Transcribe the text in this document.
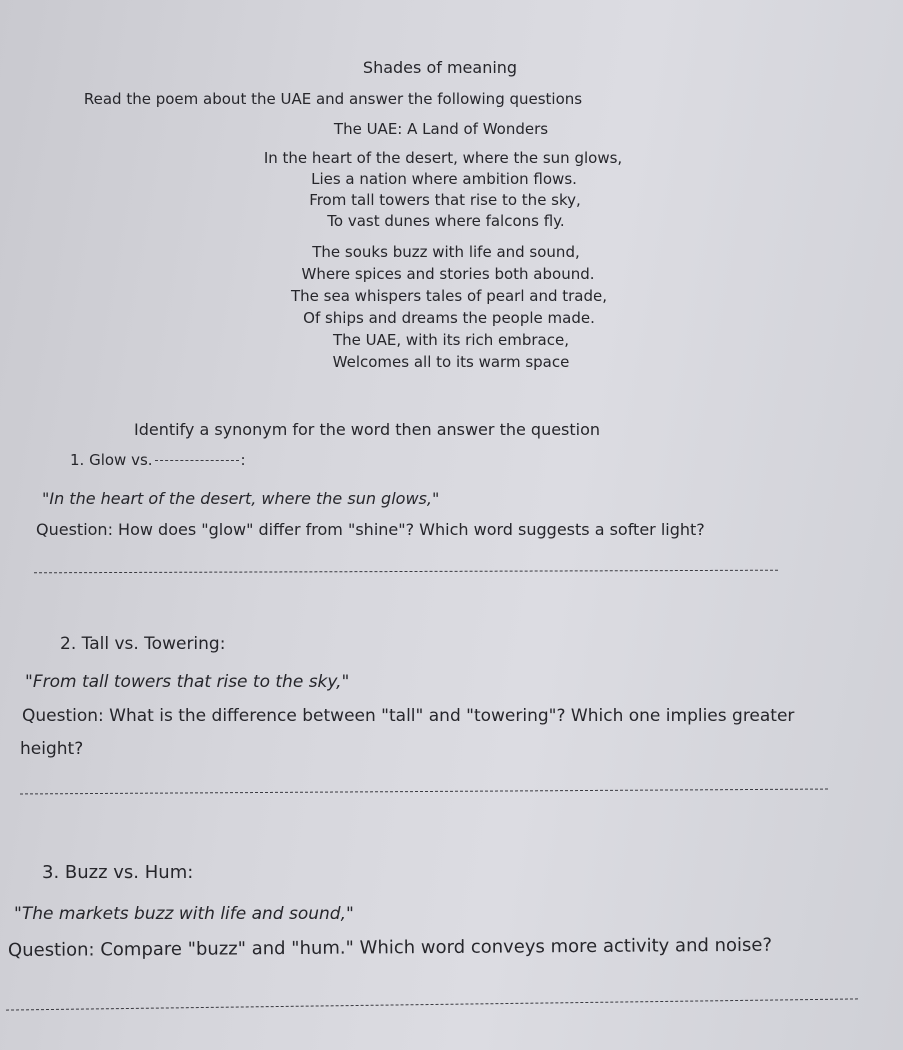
Shades of meaning
Read the poem about the UAE and answer the following questions
The UAE: A Land of Wonders
In the heart of the desert, where the sun glows,
Lies a nation where ambition flows.
From tall towers that rise to the sky,
To vast dunes where falcons fly.
The souks buzz with life and sound,
Where spices and stories both abound.
The sea whispers tales of pearl and trade,
Of ships and dreams the people made.
The UAE, with its rich embrace,
Welcomes all to its warm space
Identify a synonym for the word then answer the question
1. Glow vs.	:
"In the heart of the desert, where the sun glows,"
Question: How does "glow" differ from "shine"? Which word suggests a softer light?
2. Tall vs. Towering:
"From tall towers that rise to the sky,"
Question: What is the difference between "tall" and "towering"? Which one implies greater
height?
3. Buzz vs. Hum:
"The markets buzz with life and sound,"
Question: Compare "buzz" and "hum." Which word conveys more activity and noise?
